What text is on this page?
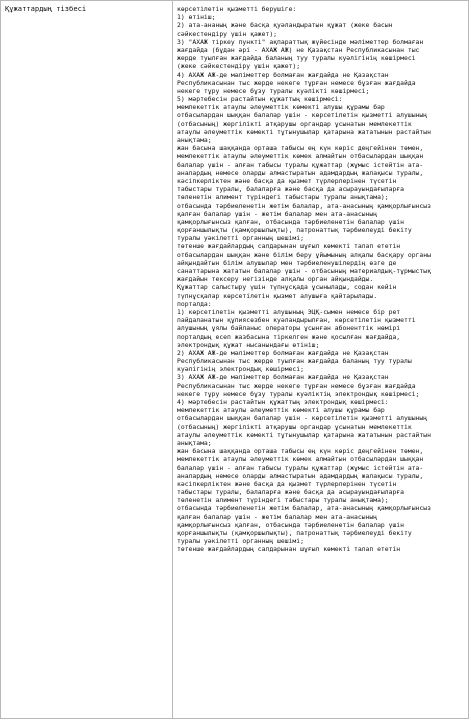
Құжаттардың тізбесі	көрсетілетін қызметті берушіге:
1) өтініш;
2) ата-ананың және басқа қуәландыратын құжат (жеке басын
сәйкестендіру үшін қажет);
3) "АХАЖ тіркеу пункті" ақпараттық жүйесінде мәліметтер болмаған
жағдайда (бұдан әрі - АХАЖ АЖ) не Қазақстан Республикасынан тыс
жерде туылған жағдайда баланың туу туралы куәлігінің көшірмесі
(жеке сәйкестендіру үшін қажет);
4) АХАЖ АЖ-де мәліметтер болмаған жағдайда не Қазақстан
Республикасынан тыс жерде некеге тұрған немесе бұзған жағдайда
некеге тұру немесе бұзу туралы куәлікті көшірмесі;
5) мәртебесін растайтын құжаттың көшірмесі:
мемлекеттік атаулы әлеуметтік көмекті алушы құрамы бар
отбасылардан шыққан балалар үшін - көрсетілетін қызметті алушының
(отбасының) жергілікті атқарушы органдар ұсынатын мемлекеттік
атаулы әлеуметтік көмекті тұтынушылар қатарына жататынын растайтын
анықтама;
жан басына шаққанда орташа табысы ең күн көріс деңгейінен төмен,
мемлекеттік атаулы әлеуметтік көмек алмайтын отбасылардан шыққан
балалар үшін - алған табысы туралы құжаттар (жұмыс істейтін ата-
аналардың немесе оларды алмастыратын адамдардың жалақысы туралы,
кәсіпкерліктен және басқа да қызмет түрлерлерінен түсетін
табыстары туралы, балаларға және басқа да асырауындағыларға
төленетін алимент түріндегі табыстары туралы анықтама);
отбасында тәрбиеленетін жетім балалар, ата-анасының қамқорлығынсыз
қалған балалар үшін - жетім балалар мен ата-анасының
қамқорлығынсыз қалған, отбасында тәрбиеленетін балалар үшін
қорғаншылықты (қамқоршылықты), патронаттық тәрбиелеуді бекіту
туралы уәкілетті органның шешімі;
төтенше жағдайлардың салдарынан шұғыл көмекті талап ететін
отбасылардан шыққан және білім беру ұйымының алқалы басқару органы
айқындайтын білім алушылар мен тәрбиеленушілердің өзге де
санаттарына жататын балалар үшін - отбасының материалдық-тұрмыстық
жағдайын тексеру негізінде алқалы орган айқындайды.
Құжаттар салыстыру үшін түпнұсқада ұсынылады, содан кейін
түпнұсқалар көрсетілетін қызмет алушыға қайтарылады.
порталда:
1) көрсетілетін қызметті алушының ЭЦҚ-сымен немесе бір рет
пайдаланатын құпиясөзбен куәландырылған, көрсетілетін қызметті
алушының ұялы байланыс операторы ұсынған абоненттік нөмірі
порталдың есеп жазбасына тіркелген және қосылған жағдайда,
электрондық құжат нысанындағы өтініш;
2) АХАЖ АЖ-де мәліметтер болмаған жағдайда не Қазақстан
Республикасынан тыс жерде туылған жағдайда баланың туу туралы
куәлігінің электрондық көшірмесі;
3) АХАЖ АЖ-де мәліметтер болмаған жағдайда не Қазақстан
Республикасынан тыс жерде некеге тұрған немесе бұзған жағдайда
некеге тұру немесе бұзу туралы куәліктің электрондық көшірмесі;
4) мәртебесін растайтын құжаттың электрондық көшірмесі:
мемлекеттік атаулы әлеуметтік көмекті алушы құрамы бар
отбасылардан шыққан балалар үшін - көрсетілетін қызметті алушының
(отбасының) жергілікті атқарушы органдар ұсынатын мемлекеттік
атаулы әлеуметтік көмекті тұтынушылар қатарына жататынын растайтын
анықтама;
жан басына шаққанда орташа табысы ең күн көріс деңгейінен төмен,
мемлекеттік атаулы әлеуметтік көмек алмайтын отбасылардан шыққан
балалар үшін - алған табысы туралы құжаттар (жұмыс істейтін ата-
аналардың немесе оларды алмастыратын адамдардың жалақысы туралы,
кәсіпкерліктен және басқа да қызмет түрлерлерінен түсетін
табыстары туралы, балаларға және басқа да асырауындағыларға
төленетін алимент түріндегі табыстары туралы анықтама);
отбасында тәрбиеленетін жетім балалар, ата-анасының қамқорлығынсыз
қалған балалар үшін - жетім балалар мен ата-анасының
қамқорлығынсыз қалған, отбасында тәрбиеленетін балалар үшін
қорғаншылықты (қамқоршылықты), патронаттық тәрбиелеуді бекіту
туралы уәкілетті органның шешімі;
төтенше жағдайлардың салдарынан шұғыл көмекті талап ететін
